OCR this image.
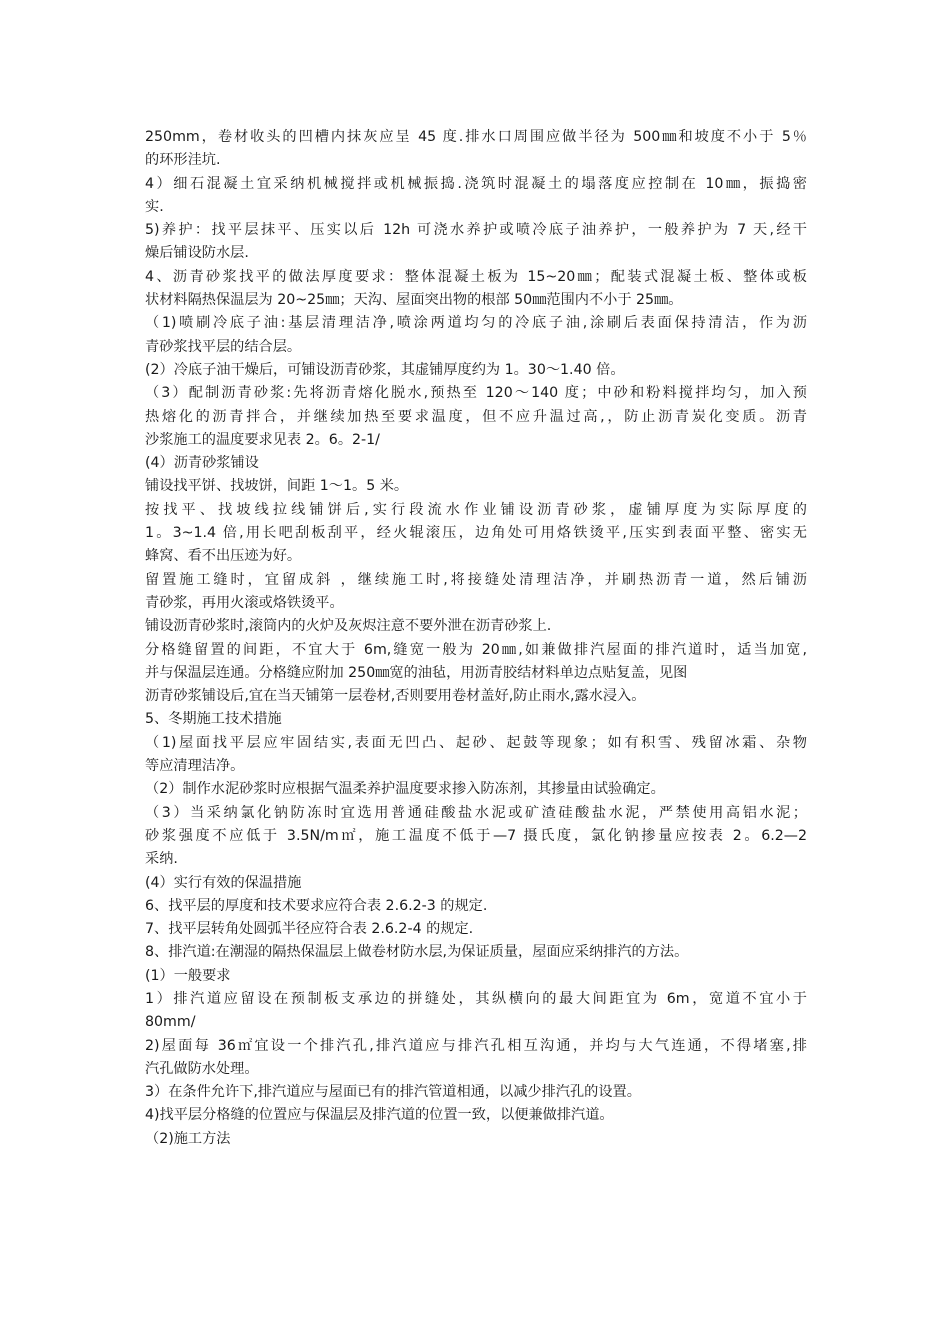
250mm，卷材收头的凹槽内抹灰应呈 45 度.排水口周围应做半径为 500㎜和坡度不小于 5％
的环形洼坑.
4）细石混凝土宜采纳机械搅拌或机械振捣.浇筑时混凝土的塌落度应控制在 10㎜，振捣密
实.
5)养护：找平层抹平、压实以后 12h 可浇水养护或喷冷底子油养护，一般养护为 7 天,经干
燥后铺设防水层.
4、沥青砂浆找平的做法厚度要求：整体混凝土板为 15~20㎜；配装式混凝土板、整体或板
状材料隔热保温层为 20~25㎜；天沟、屋面突出物的根部 50㎜范围内不小于 25㎜。
（1)喷刷冷底子油:基层清理洁净,喷涂两道均匀的冷底子油,涂刷后表面保持清洁，作为沥
青砂浆找平层的结合层。
(2）冷底子油干燥后，可铺设沥青砂浆，其虚铺厚度约为 1。30～1.40 倍。
（3）配制沥青砂浆:先将沥青熔化脱水,预热至 120～140 度；中砂和粉料搅拌均匀，加入预
热熔化的沥青拌合，并继续加热至要求温度，但不应升温过高,，防止沥青炭化变质。沥青
沙浆施工的温度要求见表 2。6。2-1/
(4）沥青砂浆铺设
铺设找平饼、找坡饼，间距 1～1。5 米。
按找平、找坡线拉线铺饼后,实行段流水作业铺设沥青砂浆，虚铺厚度为实际厚度的
1。3~1.4 倍,用长吧刮板刮平，经火辊滚压，边角处可用烙铁烫平,压实到表面平整、密实无
蜂窝、看不出压迹为好。
留置施工缝时，宜留成斜 ，继续施工时,将接缝处清理洁净，并刷热沥青一道，然后铺沥
青砂浆，再用火滚或烙铁烫平。
铺设沥青砂浆时,滚筒内的火炉及灰烬注意不要外泄在沥青砂浆上.
分格缝留置的间距，不宜大于 6m,缝宽一般为 20㎜,如兼做排汽屋面的排汽道时，适当加宽,
并与保温层连通。分格缝应附加 250㎜宽的油毡，用沥青胶结材料单边点贴复盖，见图
沥青砂浆铺设后,宜在当天铺第一层卷材,否则要用卷材盖好,防止雨水,露水浸入。
5、冬期施工技术措施
（1)屋面找平层应牢固结实,表面无凹凸、起砂、起鼓等现象；如有积雪、残留冰霜、杂物
等应清理洁净。
（2）制作水泥砂浆时应根据气温柔养护温度要求掺入防冻剂，其掺量由试验确定。
（3）当采纳氯化钠防冻时宜选用普通硅酸盐水泥或矿渣硅酸盐水泥，严禁使用高铝水泥；
砂浆强度不应低于 3.5N/m㎡，施工温度不低于—7 摄氏度，氯化钠掺量应按表 2。6.2—2
采纳.
(4）实行有效的保温措施
6、找平层的厚度和技术要求应符合表 2.6.2-3 的规定.
7、找平层转角处圆弧半径应符合表 2.6.2-4 的规定.
8、排汽道:在潮湿的隔热保温层上做卷材防水层,为保证质量，屋面应采纳排汽的方法。
(1）一般要求
1）排汽道应留设在预制板支承边的拼缝处，其纵横向的最大间距宜为 6m，宽道不宜小于
80mm/
2)屋面每 36㎡宜设一个排汽孔,排汽道应与排汽孔相互沟通，并均与大气连通，不得堵塞,排
汽孔做防水处理。
3）在条件允许下,排汽道应与屋面已有的排汽管道相通，以减少排汽孔的设置。
4)找平层分格缝的位置应与保温层及排汽道的位置一致，以便兼做排汽道。
（2)施工方法
